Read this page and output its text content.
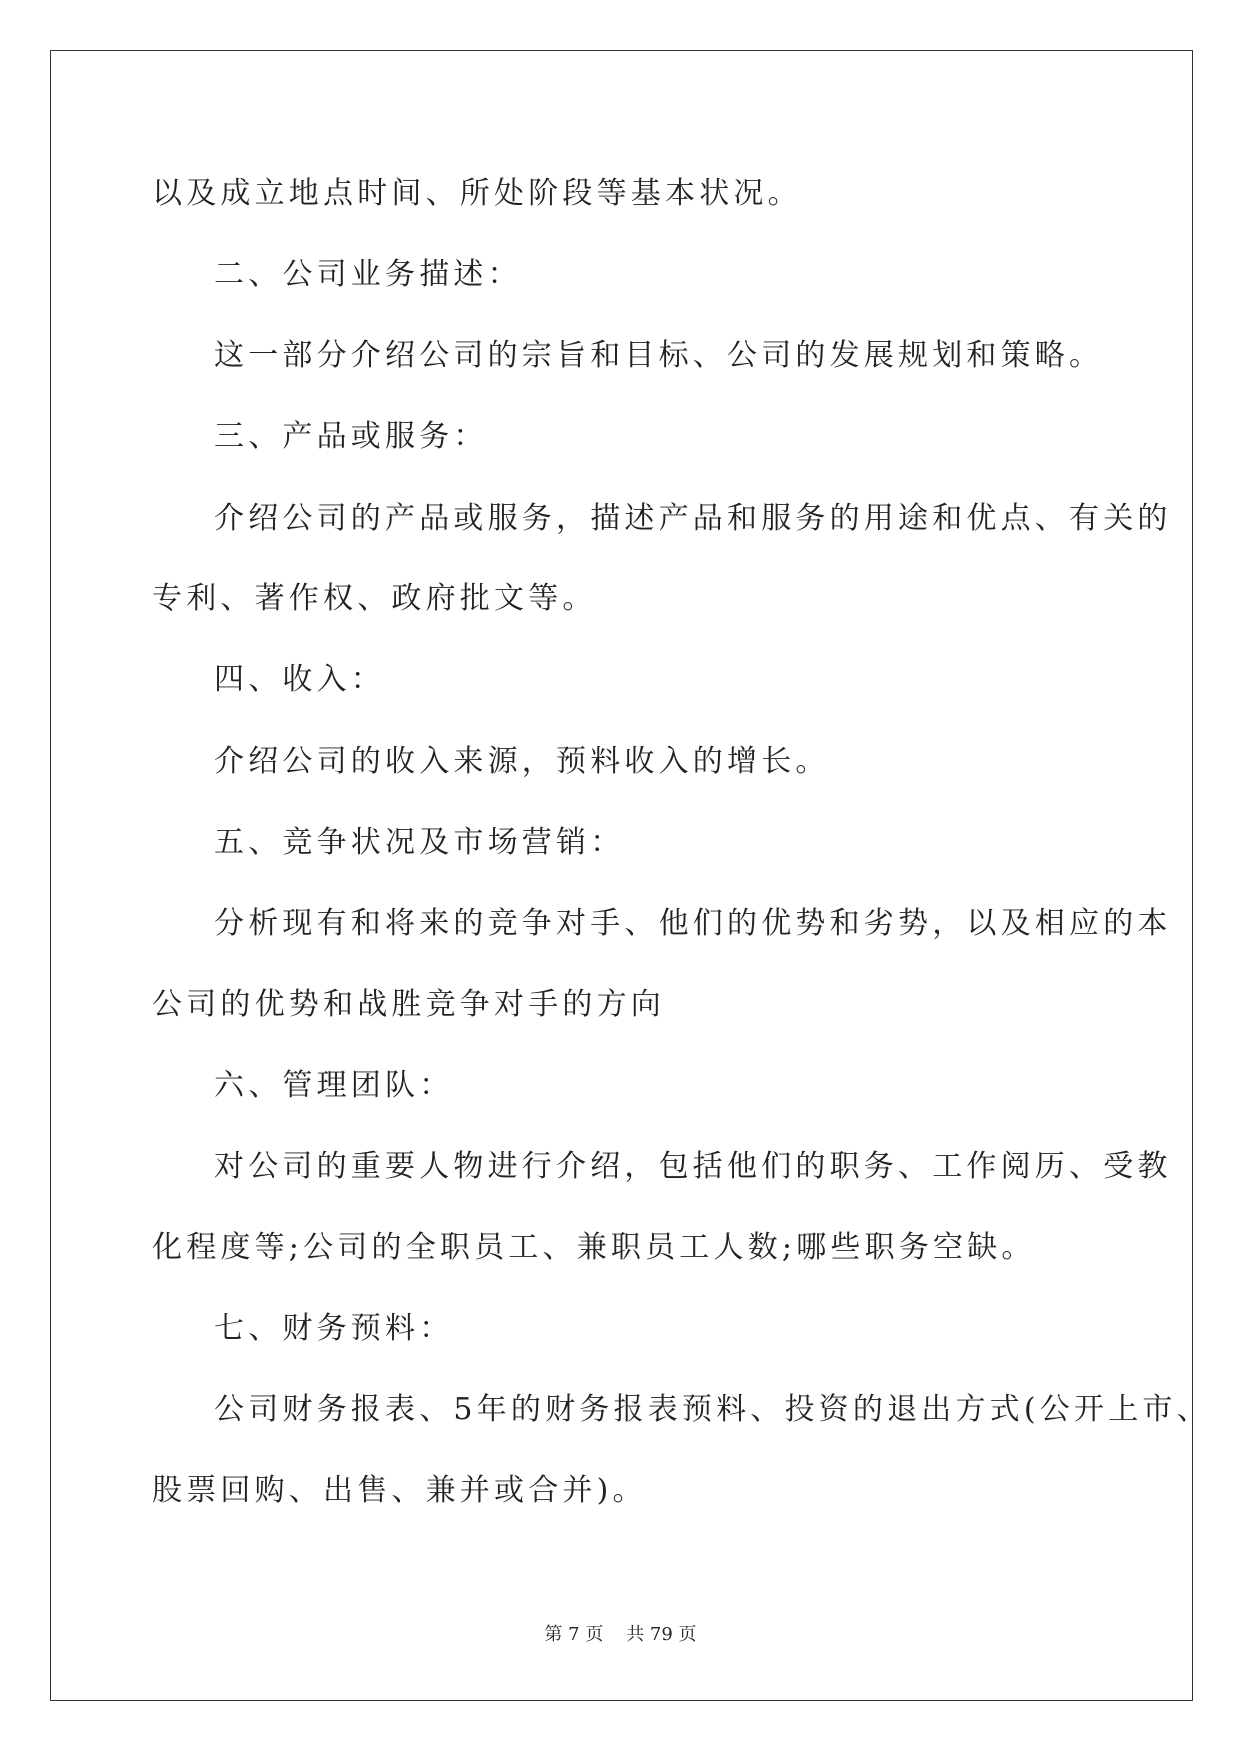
以及成立地点时间、所处阶段等基本状况。
二、公司业务描述：
这一部分介绍公司的宗旨和目标、公司的发展规划和策略。
三、产品或服务：
介绍公司的产品或服务，描述产品和服务的用途和优点、有关的
专利、著作权、政府批文等。
四、收入：
介绍公司的收入来源，预料收入的增长。
五、竞争状况及市场营销：
分析现有和将来的竞争对手、他们的优势和劣势，以及相应的本
公司的优势和战胜竞争对手的方向
六、管理团队：
对公司的重要人物进行介绍，包括他们的职务、工作阅历、受教
化程度等;公司的全职员工、兼职员工人数;哪些职务空缺。
七、财务预料：
公司财务报表、5年的财务报表预料、投资的退出方式(公开上市、
股票回购、出售、兼并或合并)。
第 7 页    共 79 页
